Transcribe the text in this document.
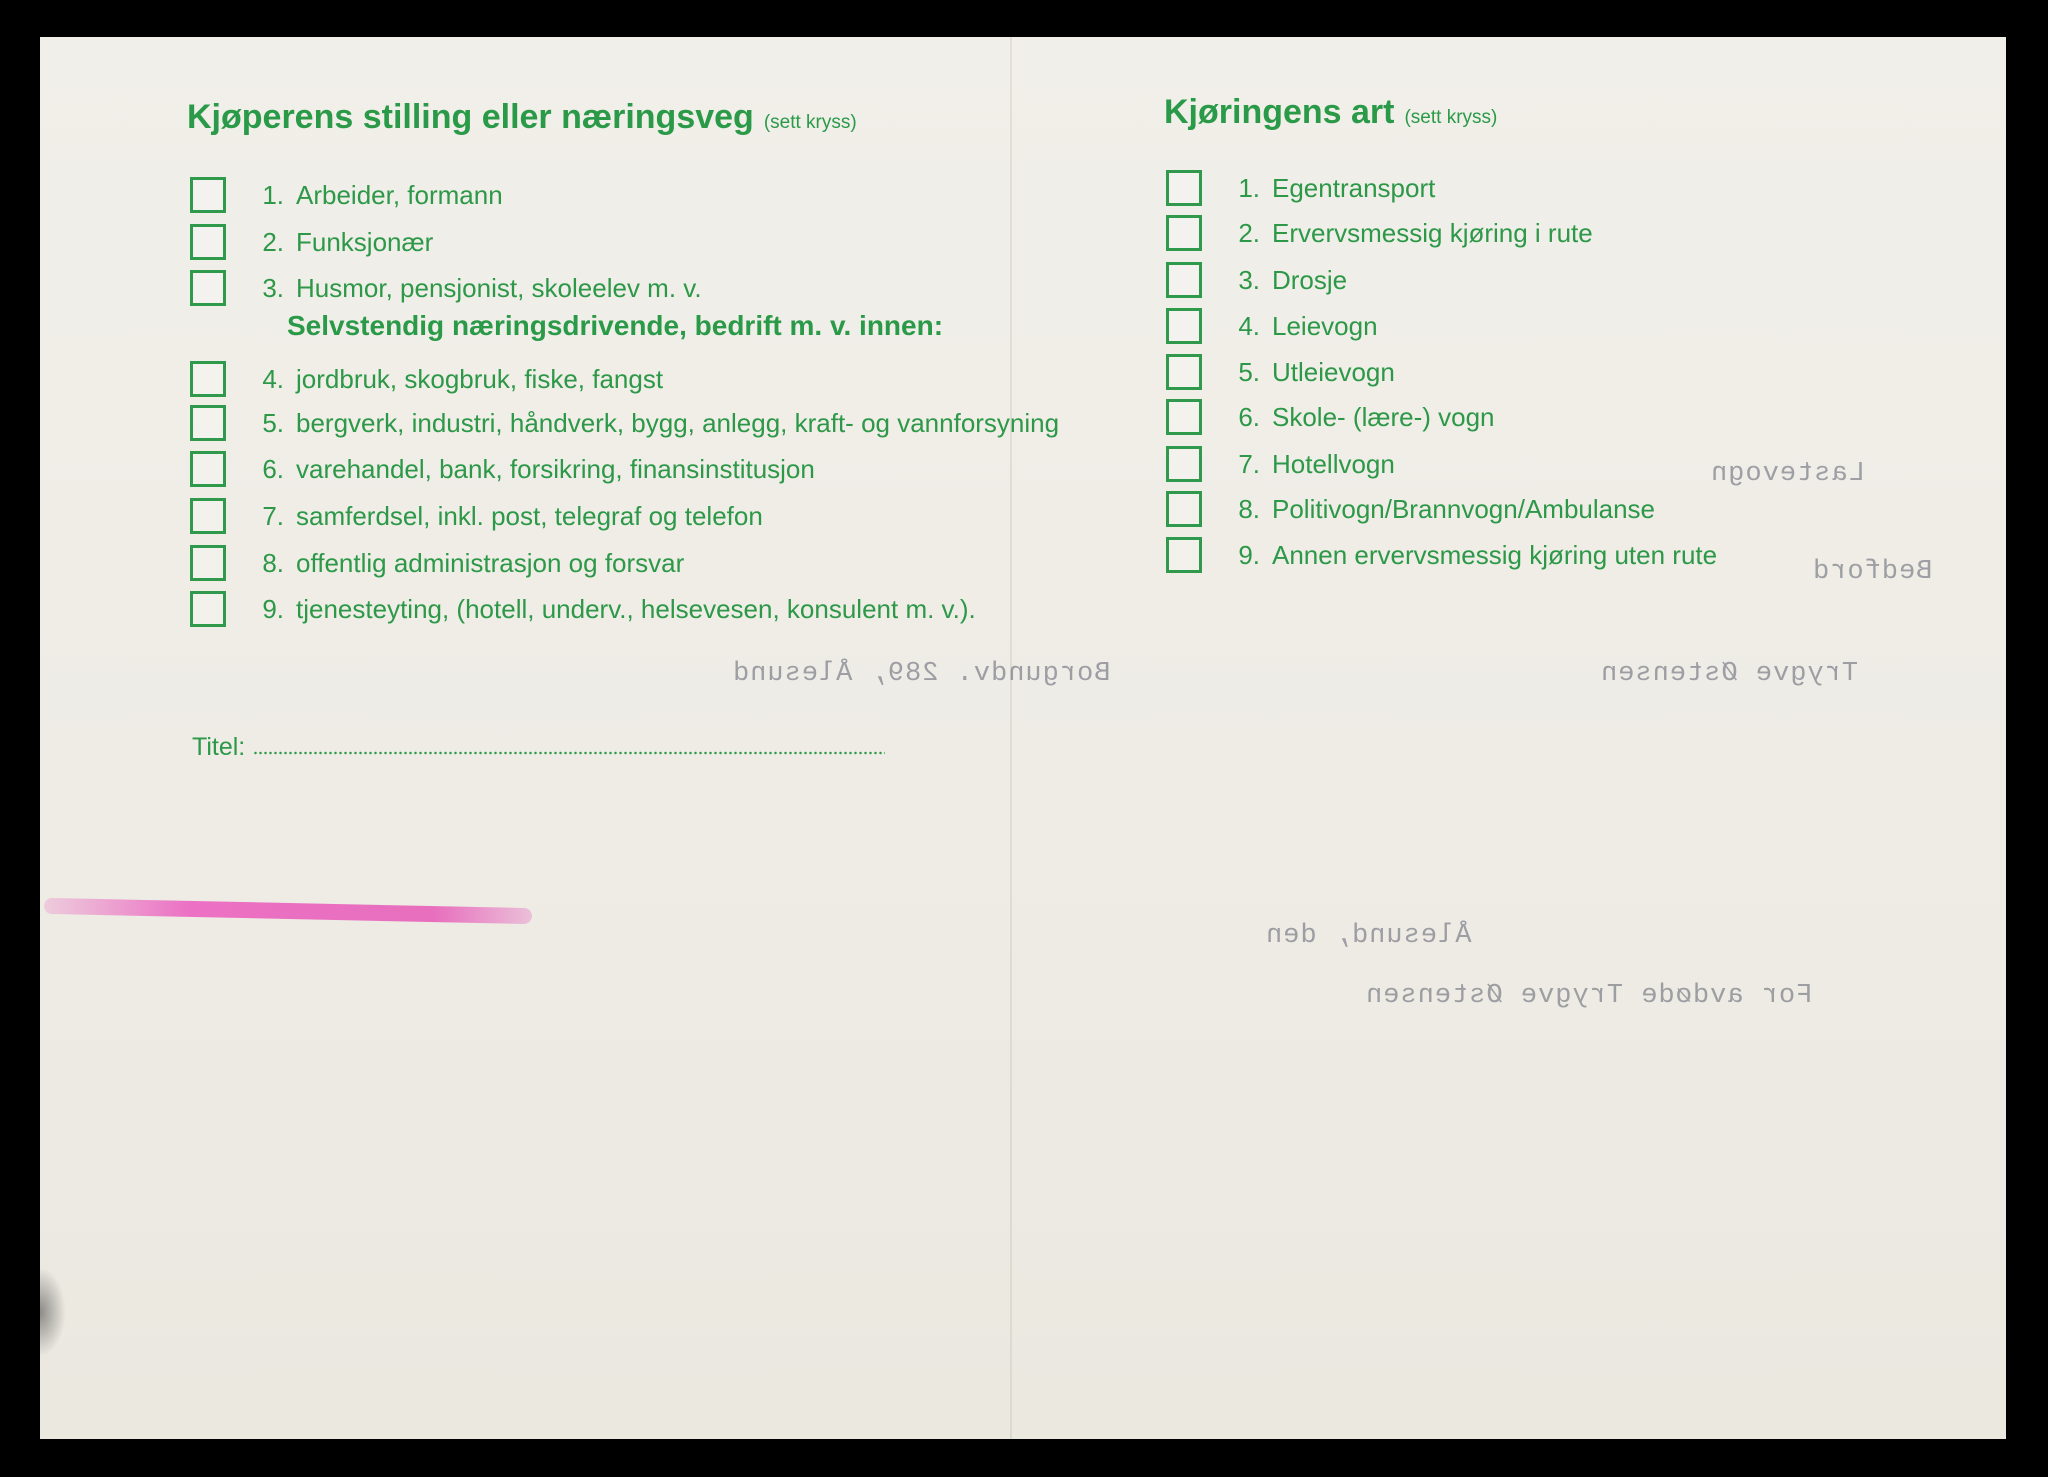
Lastevogn
Bedford
Trygve Østensen
Borgundv. 289, Ålesund
Ålesund, den
For avdøde Trygve Østensen
Kjøperens stilling eller næringsveg (sett kryss)
1. Arbeider, formann
2. Funksjonær
3. Husmor, pensjonist, skoleelev m. v.
Selvstendig næringsdrivende, bedrift m. v. innen:
4. jordbruk, skogbruk, fiske, fangst
5. bergverk, industri, håndverk, bygg, anlegg, kraft- og vannforsyning
6. varehandel, bank, forsikring, finansinstitusjon
7. samferdsel, inkl. post, telegraf og telefon
8. offentlig administrasjon og forsvar
9. tjenesteyting, (hotell, underv., helsevesen, konsulent m. v.).
Titel:
Kjøringens art (sett kryss)
1. Egentransport
2. Ervervsmessig kjøring i rute
3. Drosje
4. Leievogn
5. Utleievogn
6. Skole- (lære-) vogn
7. Hotellvogn
8. Politivogn/Brannvogn/Ambulanse
9. Annen ervervsmessig kjøring uten rute
